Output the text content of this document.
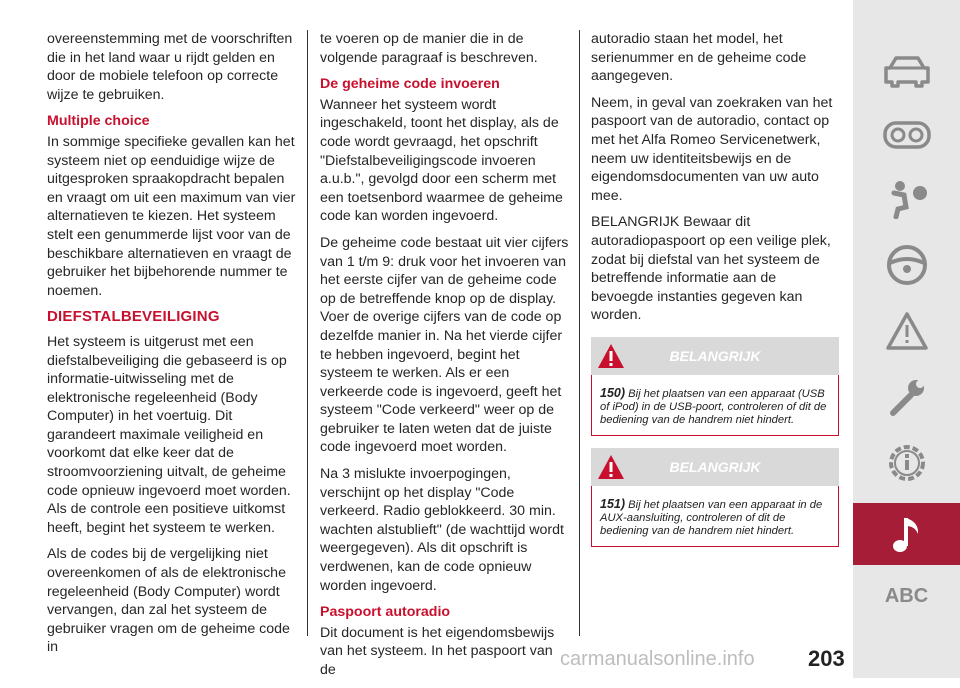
overeenstemming met de voorschriften die in het land waar u rijdt gelden en door de mobiele telefoon op correcte wijze te gebruiken.

Multiple choice

In sommige specifieke gevallen kan het systeem niet op eenduidige wijze de uitgesproken spraakopdracht bepalen en vraagt om uit een maximum van vier alternatieven te kiezen. Het systeem stelt een genummerde lijst voor van de beschikbare alternatieven en vraagt de gebruiker het bijbehorende nummer te noemen.

DIEFSTALBEVEILIGING

Het systeem is uitgerust met een diefstalbeveiliging die gebaseerd is op informatie-uitwisseling met de elektronische regeleenheid (Body Computer) in het voertuig. Dit garandeert maximale veiligheid en voorkomt dat elke keer dat de stroomvoorziening uitvalt, de geheime code opnieuw ingevoerd moet worden. Als de controle een positieve uitkomst heeft, begint het systeem te werken.

Als de codes bij de vergelijking niet overeenkomen of als de elektronische regeleenheid (Body Computer) wordt vervangen, dan zal het systeem de gebruiker vragen om de geheime code in

te voeren op de manier die in de volgende paragraaf is beschreven.

De geheime code invoeren

Wanneer het systeem wordt ingeschakeld, toont het display, als de code wordt gevraagd, het opschrift "Diefstalbeveiligingscode invoeren a.u.b.", gevolgd door een scherm met een toetsenbord waarmee de geheime code kan worden ingevoerd.

De geheime code bestaat uit vier cijfers van 1 t/m 9: druk voor het invoeren van het eerste cijfer van de geheime code op de betreffende knop op de display. Voer de overige cijfers van de code op dezelfde manier in. Na het vierde cijfer te hebben ingevoerd, begint het systeem te werken. Als er een verkeerde code is ingevoerd, geeft het systeem "Code verkeerd" weer op de gebruiker te laten weten dat de juiste code ingevoerd moet worden.

Na 3 mislukte invoerpogingen, verschijnt op het display "Code verkeerd. Radio geblokkeerd. 30 min. wachten alstublieft" (de wachttijd wordt weergegeven). Als dit opschrift is verdwenen, kan de code opnieuw worden ingevoerd.

Paspoort autoradio

Dit document is het eigendomsbewijs van het systeem. In het paspoort van de

autoradio staan het model, het serienummer en de geheime code aangegeven.

Neem, in geval van zoekraken van het paspoort van de autoradio, contact op met het Alfa Romeo Servicenetwerk, neem uw identiteitsbewijs en de eigendomsdocumenten van uw auto mee.

BELANGRIJK Bewaar dit autoradiopaspoort op een veilige plek, zodat bij diefstal van het systeem de betreffende informatie aan de bevoegde instanties gegeven kan worden.

BELANGRIJK
150) Bij het plaatsen van een apparaat (USB of iPod) in de USB-poort, controleren of dit de bediening van de handrem niet hindert.
BELANGRIJK
151) Bij het plaatsen van een apparaat in de AUX-aansluiting, controleren of dit de bediening van de handrem niet hindert.
ABC
carmanualsonline.info 203
